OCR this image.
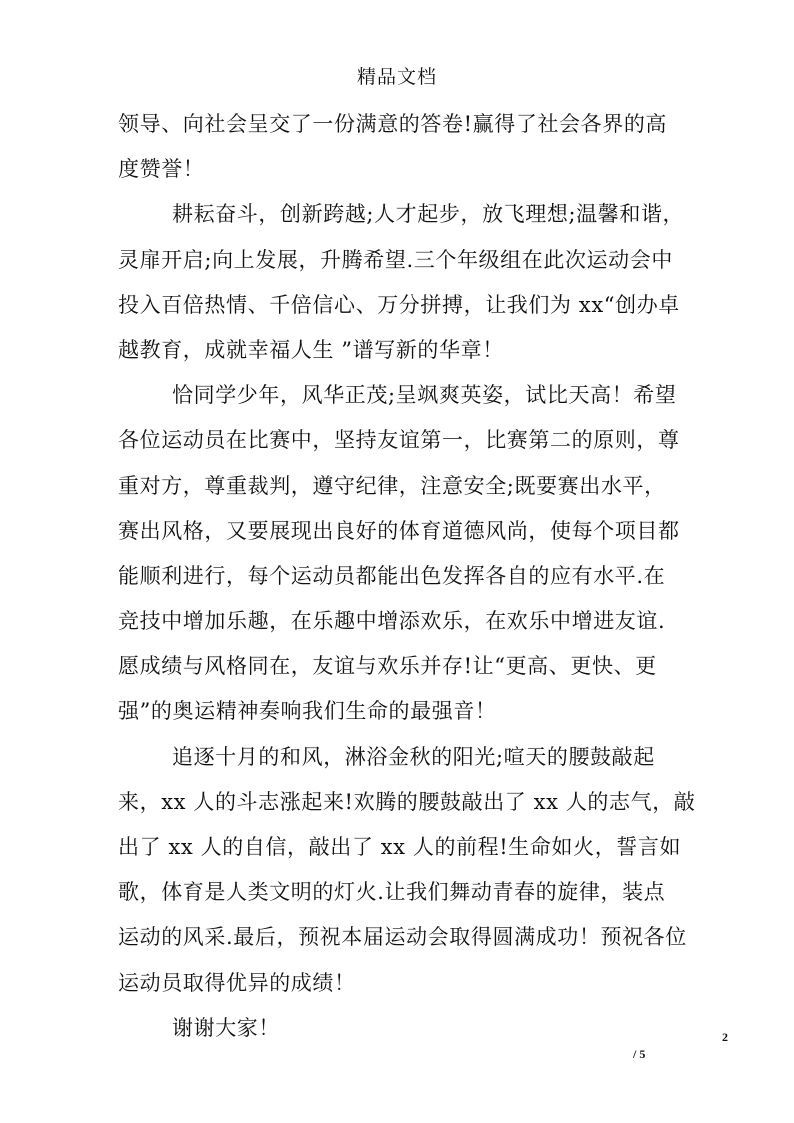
精品文档
领导、向社会呈交了一份满意的答卷!赢得了社会各界的高
度赞誉！
耕耘奋斗，创新跨越;人才起步，放飞理想;温馨和谐，
灵扉开启;向上发展，升腾希望.三个年级组在此次运动会中
投入百倍热情、千倍信心、万分拼搏，让我们为 xx“创办卓
越教育，成就幸福人生 ”谱写新的华章！
恰同学少年，风华正茂;呈飒爽英姿，试比天高！希望
各位运动员在比赛中，坚持友谊第一，比赛第二的原则，尊
重对方，尊重裁判，遵守纪律，注意安全;既要赛出水平，
赛出风格，又要展现出良好的体育道德风尚，使每个项目都
能顺利进行，每个运动员都能出色发挥各自的应有水平.在
竞技中增加乐趣，在乐趣中增添欢乐，在欢乐中增进友谊.
愿成绩与风格同在，友谊与欢乐并存!让“更高、更快、更
强”的奥运精神奏响我们生命的最强音！
追逐十月的和风，淋浴金秋的阳光;喧天的腰鼓敲起
来，xx 人的斗志涨起来!欢腾的腰鼓敲出了 xx 人的志气，敲
出了 xx 人的自信，敲出了 xx 人的前程!生命如火，誓言如
歌，体育是人类文明的灯火.让我们舞动青春的旋律，装点
运动的风采.最后，预祝本届运动会取得圆满成功！预祝各位
运动员取得优异的成绩！
谢谢大家！	2
/ 5
